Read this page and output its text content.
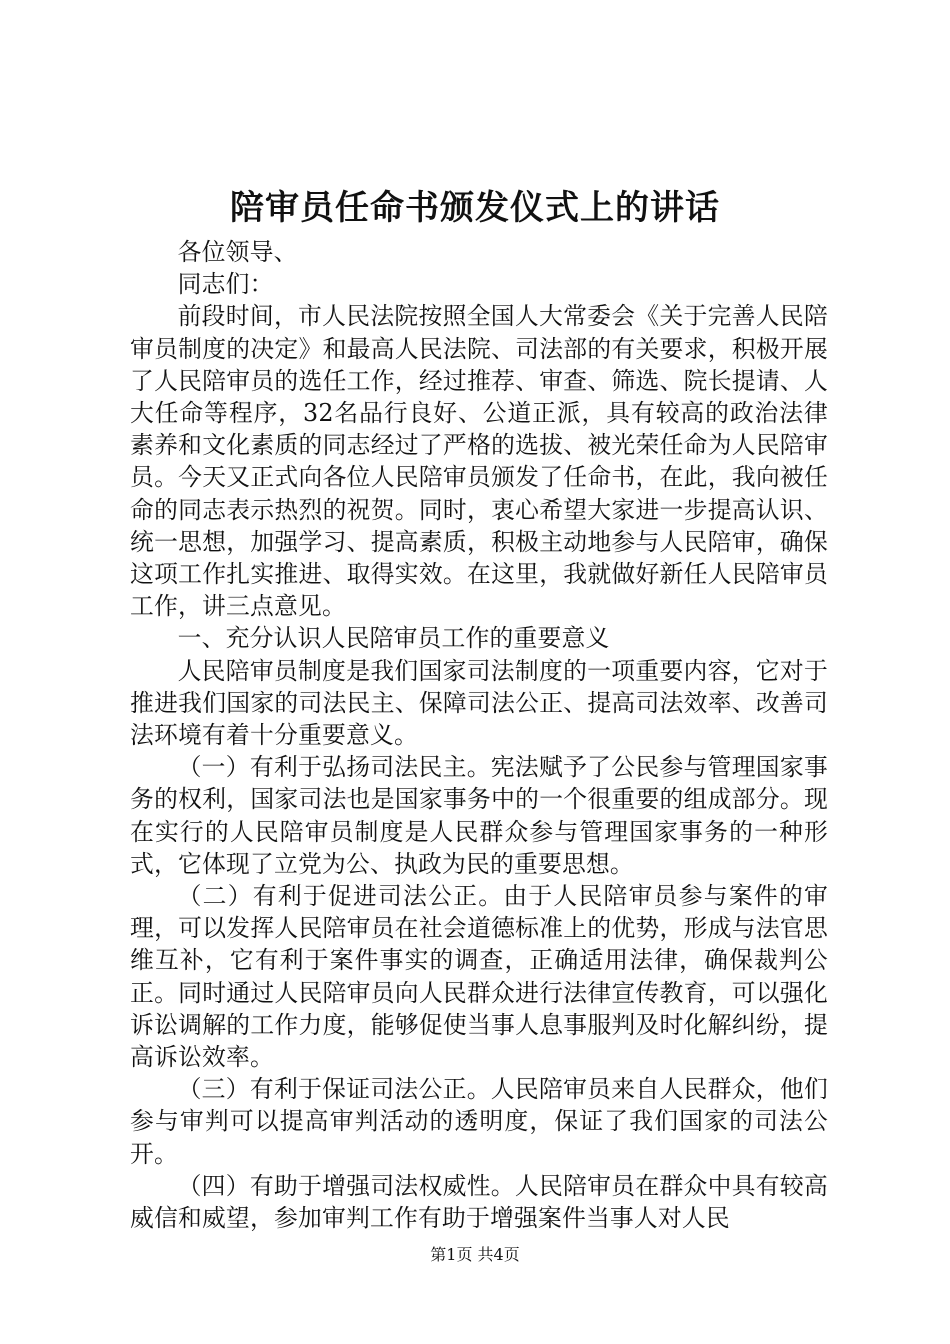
陪审员任命书颁发仪式上的讲话

各位领导、

同志们：

前段时间，市人民法院按照全国人大常委会《关于完善人民陪审员制度的决定》和最高人民法院、司法部的有关要求，积极开展了人民陪审员的选任工作，经过推荐、审查、筛选、院长提请、人大任命等程序，32名品行良好、公道正派，具有较高的政治法律素养和文化素质的同志经过了严格的选拔、被光荣任命为人民陪审员。今天又正式向各位人民陪审员颁发了任命书，在此，我向被任命的同志表示热烈的祝贺。同时，衷心希望大家进一步提高认识、统一思想，加强学习、提高素质，积极主动地参与人民陪审，确保这项工作扎实推进、取得实效。在这里，我就做好新任人民陪审员工作，讲三点意见。

一、充分认识人民陪审员工作的重要意义

人民陪审员制度是我们国家司法制度的一项重要内容，它对于推进我们国家的司法民主、保障司法公正、提高司法效率、改善司法环境有着十分重要意义。

（一）有利于弘扬司法民主。宪法赋予了公民参与管理国家事务的权利，国家司法也是国家事务中的一个很重要的组成部分。现在实行的人民陪审员制度是人民群众参与管理国家事务的一种形式，它体现了立党为公、执政为民的重要思想。

（二）有利于促进司法公正。由于人民陪审员参与案件的审理，可以发挥人民陪审员在社会道德标准上的优势，形成与法官思维互补，它有利于案件事实的调查，正确适用法律，确保裁判公正。同时通过人民陪审员向人民群众进行法律宣传教育，可以强化诉讼调解的工作力度，能够促使当事人息事服判及时化解纠纷，提高诉讼效率。

（三）有利于保证司法公正。人民陪审员来自人民群众，他们参与审判可以提高审判活动的透明度，保证了我们国家的司法公开。

（四）有助于增强司法权威性。人民陪审员在群众中具有较高威信和威望，参加审判工作有助于增强案件当事人对人民

第1页 共4页
